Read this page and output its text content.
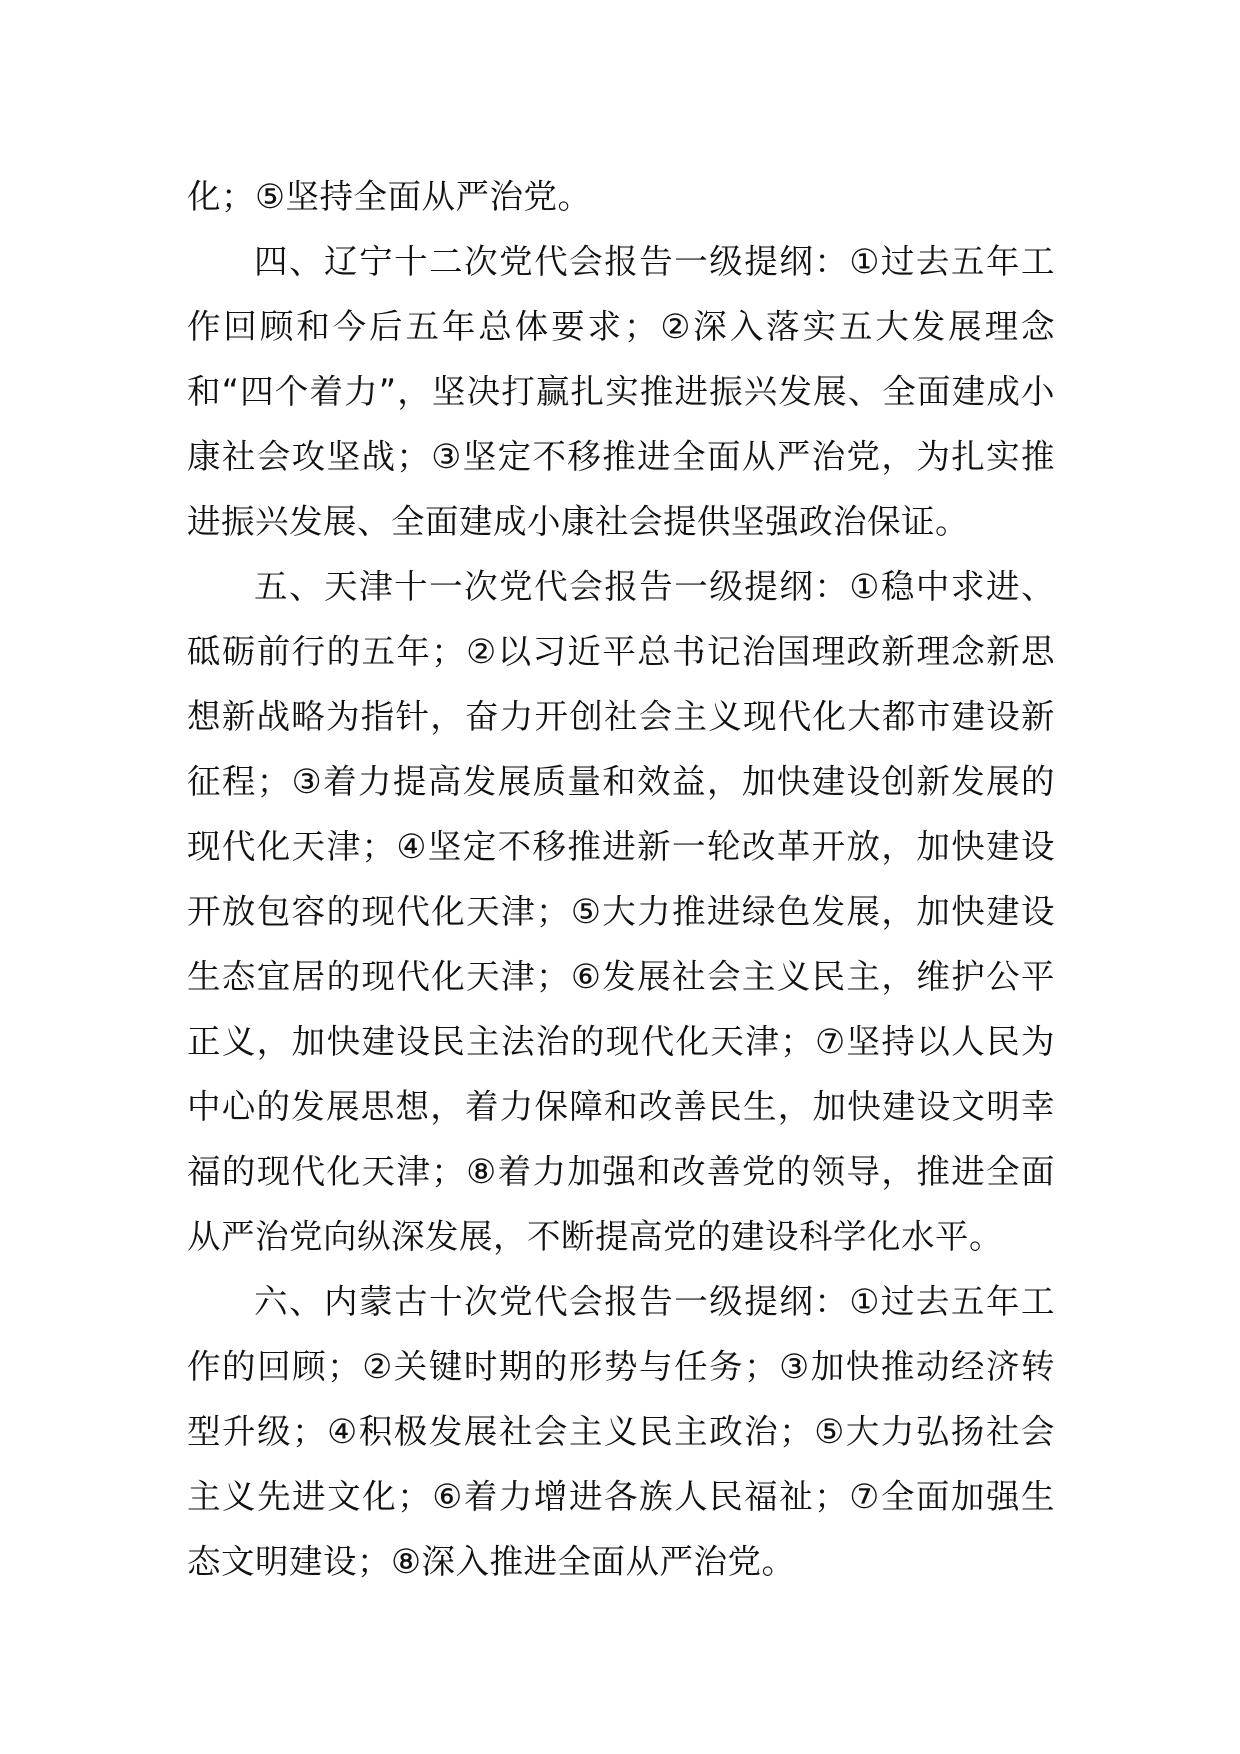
化；⑤坚持全面从严治党。

四、辽宁十二次党代会报告一级提纲：①过去五年工作回顾和今后五年总体要求；②深入落实五大发展理念和“四个着力”，坚决打赢扎实推进振兴发展、全面建成小康社会攻坚战；③坚定不移推进全面从严治党，为扎实推进振兴发展、全面建成小康社会提供坚强政治保证。

五、天津十一次党代会报告一级提纲：①稳中求进、砥砺前行的五年；②以习近平总书记治国理政新理念新思想新战略为指针，奋力开创社会主义现代化大都市建设新征程；③着力提高发展质量和效益，加快建设创新发展的现代化天津；④坚定不移推进新一轮改革开放，加快建设开放包容的现代化天津；⑤大力推进绿色发展，加快建设生态宜居的现代化天津；⑥发展社会主义民主，维护公平正义，加快建设民主法治的现代化天津；⑦坚持以人民为中心的发展思想，着力保障和改善民生，加快建设文明幸福的现代化天津；⑧着力加强和改善党的领导，推进全面从严治党向纵深发展，不断提高党的建设科学化水平。

六、内蒙古十次党代会报告一级提纲：①过去五年工作的回顾；②关键时期的形势与任务；③加快推动经济转型升级；④积极发展社会主义民主政治；⑤大力弘扬社会主义先进文化；⑥着力增进各族人民福祉；⑦全面加强生态文明建设；⑧深入推进全面从严治党。
